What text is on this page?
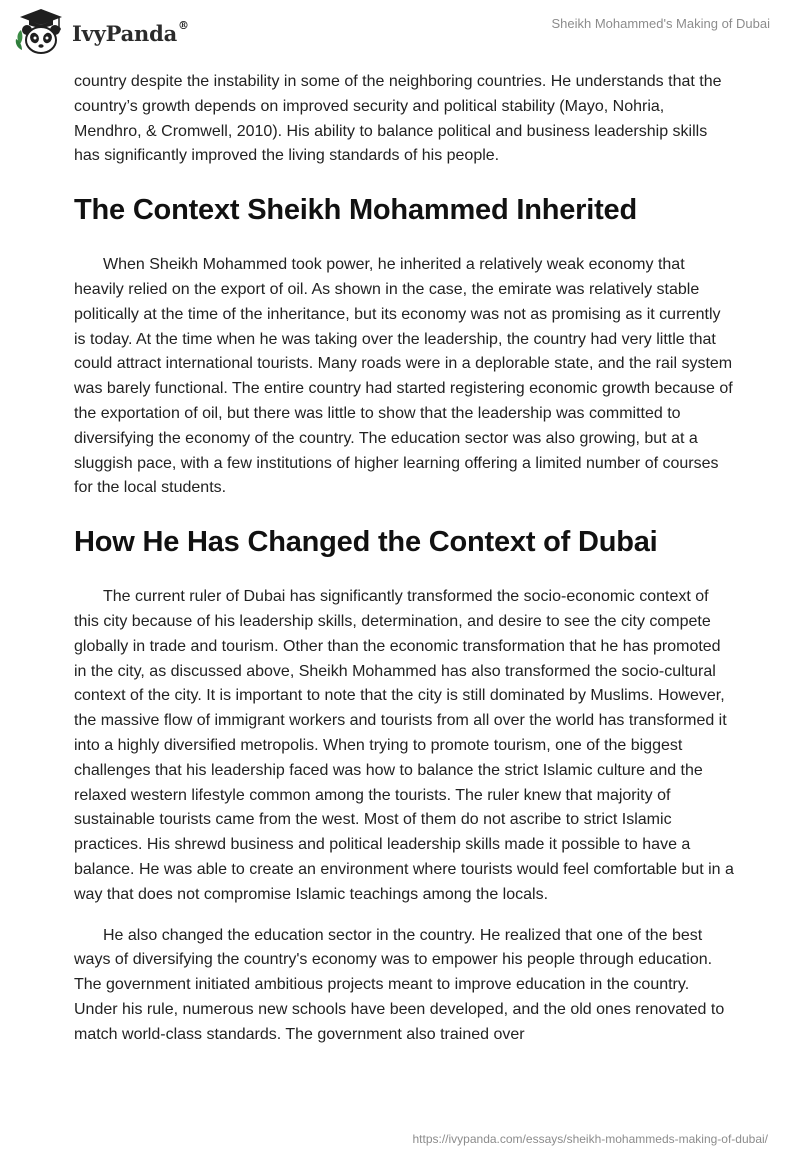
IvyPanda®	Sheikh Mohammed's Making of Dubai

country despite the instability in some of the neighboring countries. He understands that the country’s growth depends on improved security and political stability (Mayo, Nohria, Mendhro, & Cromwell, 2010). His ability to balance political and business leadership skills has significantly improved the living standards of his people.

The Context Sheikh Mohammed Inherited

When Sheikh Mohammed took power, he inherited a relatively weak economy that heavily relied on the export of oil. As shown in the case, the emirate was relatively stable politically at the time of the inheritance, but its economy was not as promising as it currently is today. At the time when he was taking over the leadership, the country had very little that could attract international tourists. Many roads were in a deplorable state, and the rail system was barely functional. The entire country had started registering economic growth because of the exportation of oil, but there was little to show that the leadership was committed to diversifying the economy of the country. The education sector was also growing, but at a sluggish pace, with a few institutions of higher learning offering a limited number of courses for the local students.

How He Has Changed the Context of Dubai

The current ruler of Dubai has significantly transformed the socio-economic context of this city because of his leadership skills, determination, and desire to see the city compete globally in trade and tourism. Other than the economic transformation that he has promoted in the city, as discussed above, Sheikh Mohammed has also transformed the socio-cultural context of the city. It is important to note that the city is still dominated by Muslims. However, the massive flow of immigrant workers and tourists from all over the world has transformed it into a highly diversified metropolis. When trying to promote tourism, one of the biggest challenges that his leadership faced was how to balance the strict Islamic culture and the relaxed western lifestyle common among the tourists. The ruler knew that majority of sustainable tourists came from the west. Most of them do not ascribe to strict Islamic practices. His shrewd business and political leadership skills made it possible to have a balance. He was able to create an environment where tourists would feel comfortable but in a way that does not compromise Islamic teachings among the locals.

He also changed the education sector in the country. He realized that one of the best ways of diversifying the country's economy was to empower his people through education. The government initiated ambitious projects meant to improve education in the country. Under his rule, numerous new schools have been developed, and the old ones renovated to match world-class standards. The government also trained over

https://ivypanda.com/essays/sheikh-mohammeds-making-of-dubai/
